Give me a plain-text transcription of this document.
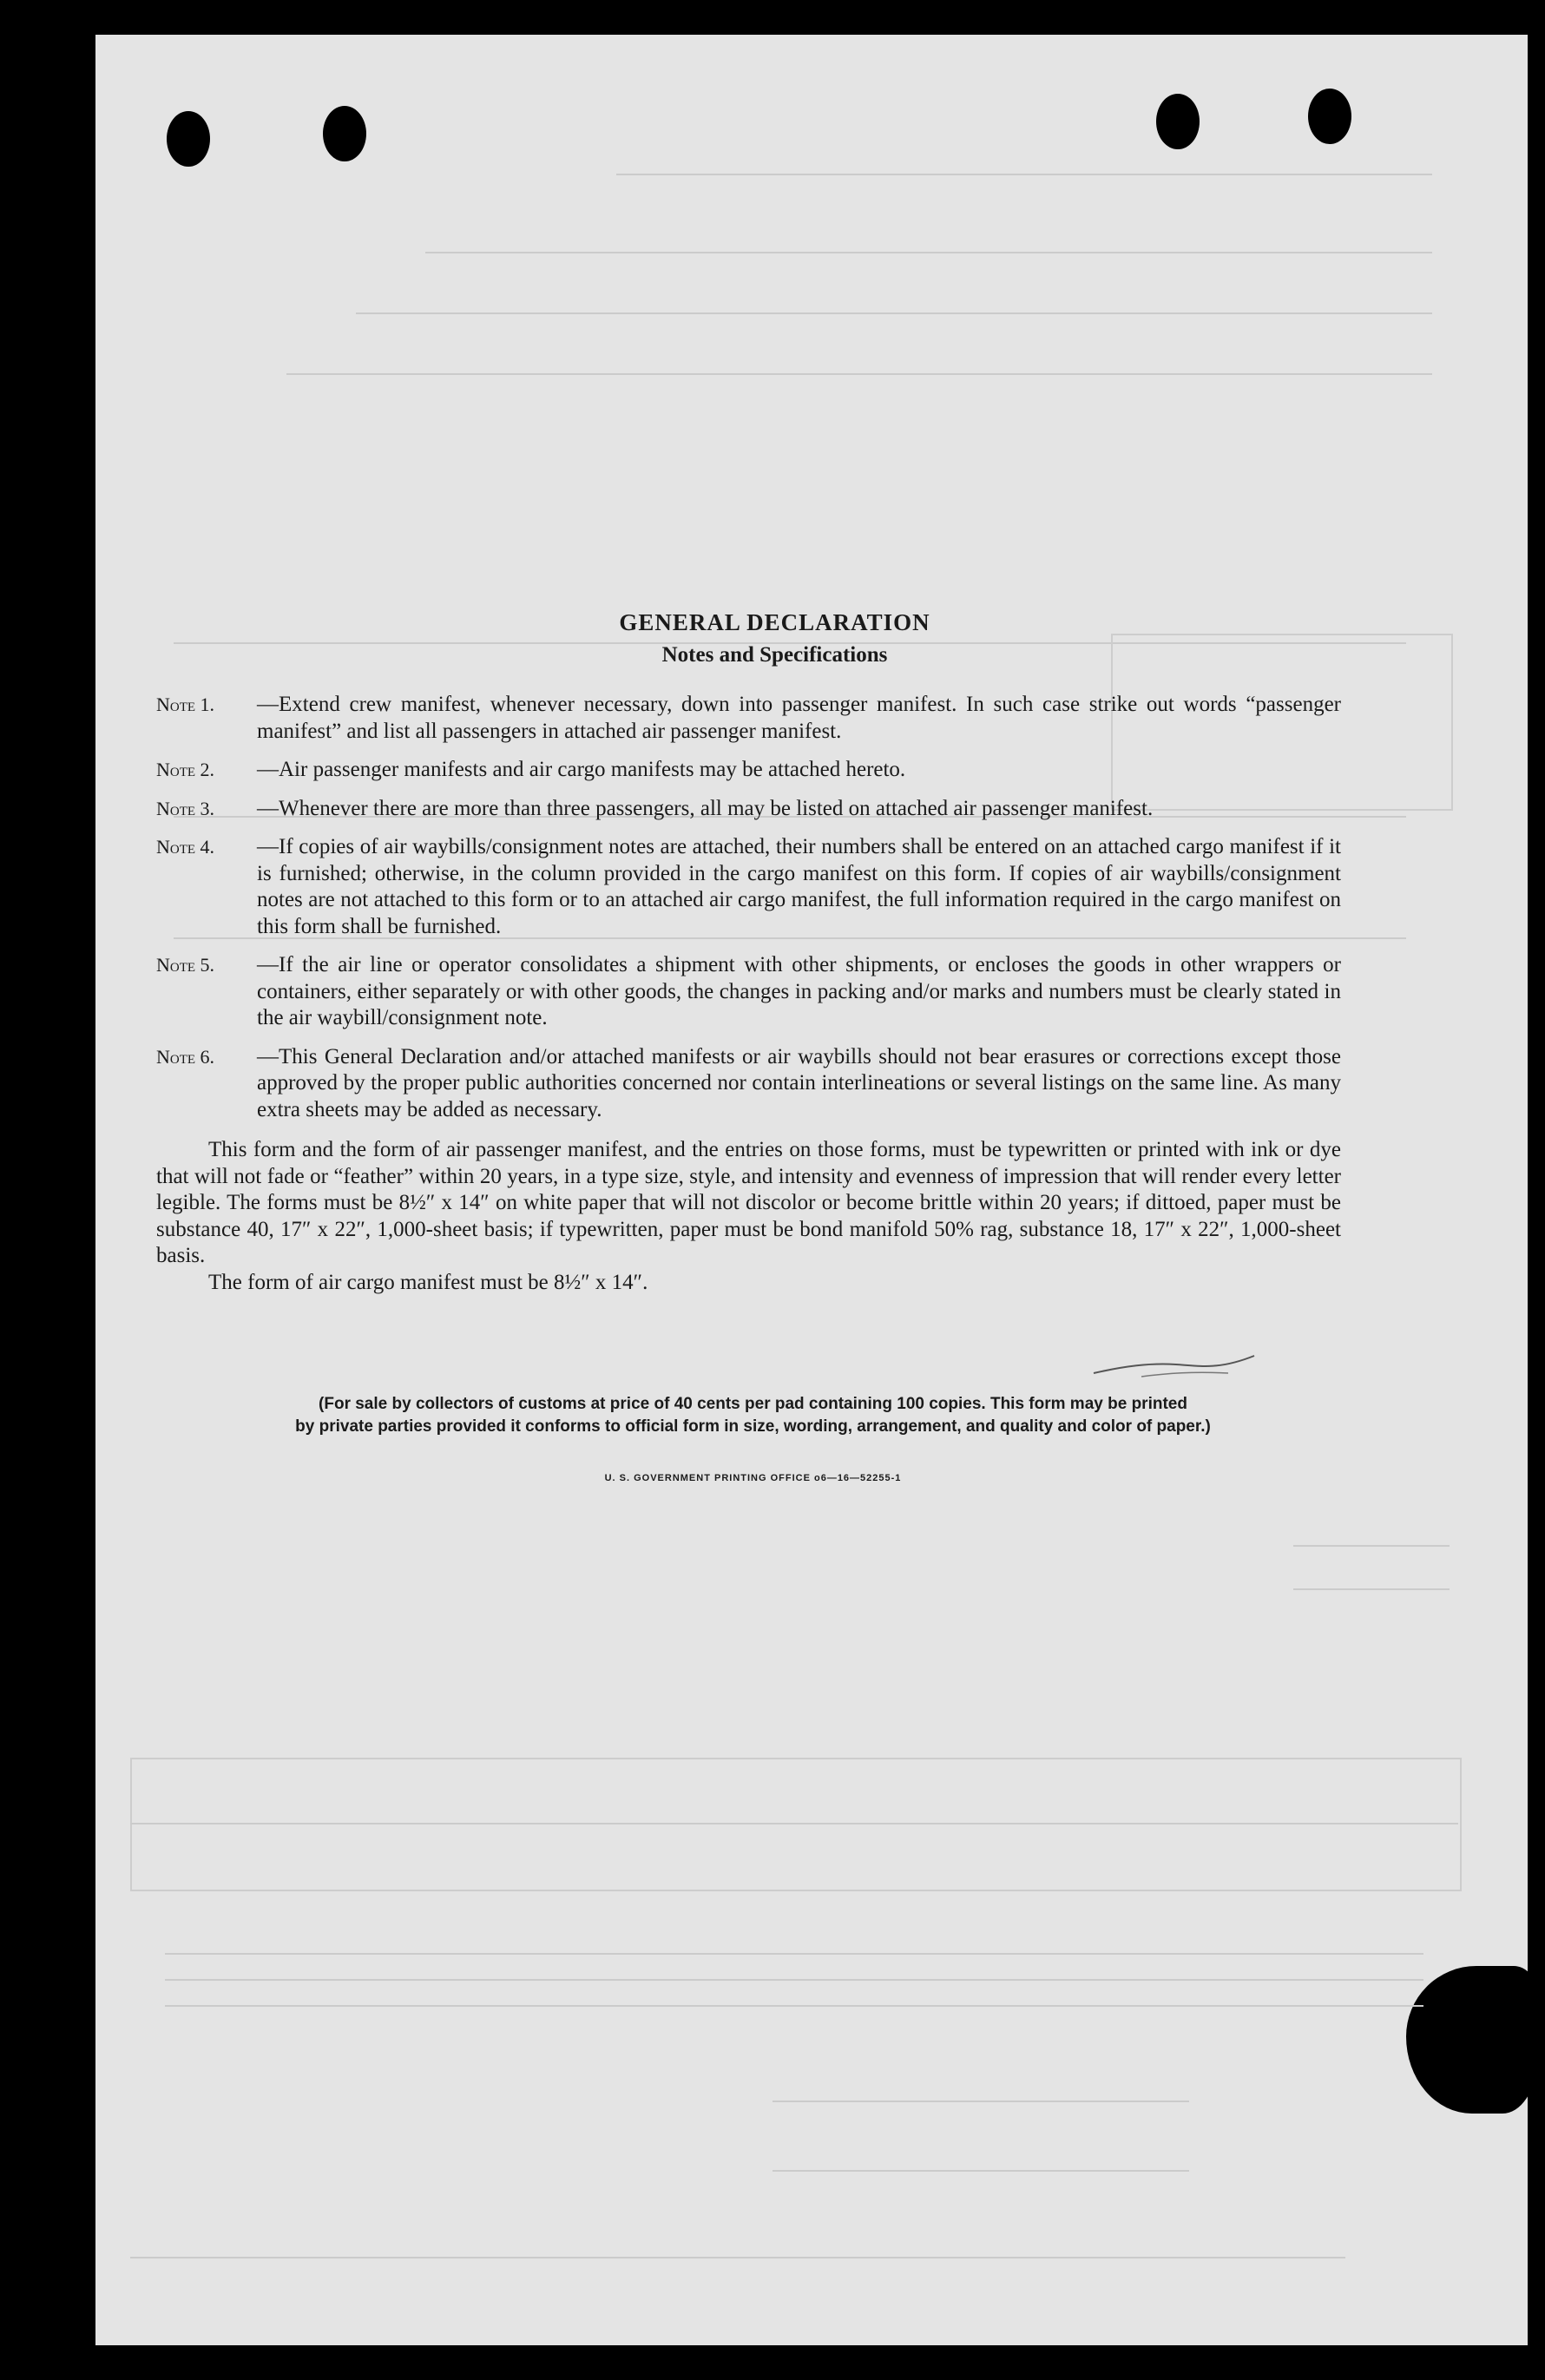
GENERAL DECLARATION
Notes and Specifications
Note 1.	—Extend crew manifest, whenever necessary, down into passenger manifest. In such case strike out words “passenger manifest” and list all passengers in attached air passenger manifest.
Note 2.	—Air passenger manifests and air cargo manifests may be attached hereto.
Note 3.	—Whenever there are more than three passengers, all may be listed on attached air passenger manifest.
Note 4.	—If copies of air waybills/consignment notes are attached, their numbers shall be entered on an attached cargo manifest if it is furnished; otherwise, in the column provided in the cargo manifest on this form. If copies of air waybills/consignment notes are not attached to this form or to an attached air cargo manifest, the full information required in the cargo manifest on this form shall be furnished.
Note 5.	—If the air line or operator consolidates a shipment with other shipments, or encloses the goods in other wrappers or containers, either separately or with other goods, the changes in packing and/or marks and numbers must be clearly stated in the air waybill/consignment note.
Note 6.	—This General Declaration and/or attached manifests or air waybills should not bear erasures or corrections except those approved by the proper public authorities concerned nor contain interlineations or several listings on the same line. As many extra sheets may be added as necessary.

This form and the form of air passenger manifest, and the entries on those forms, must be typewritten or printed with ink or dye that will not fade or “feather” within 20 years, in a type size, style, and intensity and evenness of impression that will render every letter legible. The forms must be 8½″ x 14″ on white paper that will not discolor or become brittle within 20 years; if dittoed, paper must be substance 40, 17″ x 22″, 1,000-sheet basis; if typewritten, paper must be bond manifold 50% rag, substance 18, 17″ x 22″, 1,000-sheet basis.

The form of air cargo manifest must be 8½″ x 14″.

(For sale by collectors of customs at price of 40 cents per pad containing 100 copies. This form may be printed
by private parties provided it conforms to official form in size, wording, arrangement, and quality and color of paper.)
U. S. GOVERNMENT PRINTING OFFICE o6—16—52255-1
